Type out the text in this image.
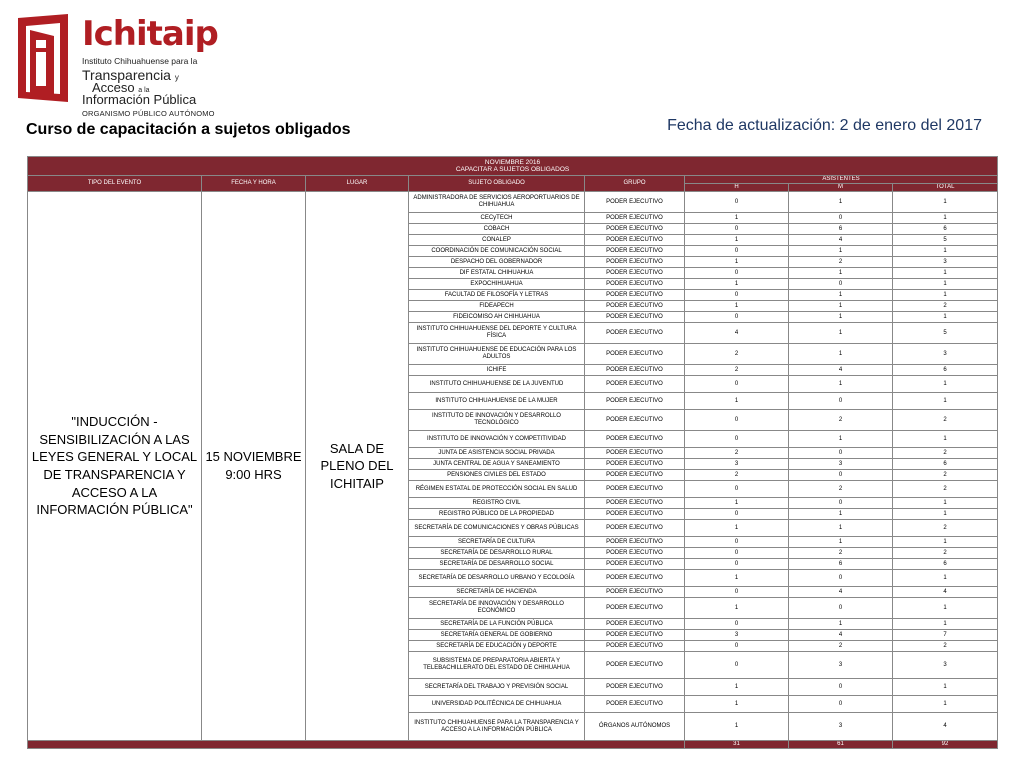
Ichitaip
Instituto Chihuahuense para la
Transparencia y
Acceso a la
Información Pública
ORGANISMO PÚBLICO AUTÓNOMO
Curso de capacitación a sujetos obligados	Fecha de actualización: 2 de enero del 2017
NOVIEMBRE 2016
CAPACITAR A SUJETOS OBLIGADOS							

TIPO DEL EVENTO	FECHA Y HORA	LUGAR	SUJETO OBLIGADO	GRUPO	ASISTENTES		
					H	M	TOTAL
"INDUCCIÓN - SENSIBILIZACIÓN A LAS LEYES GENERAL Y LOCAL DE TRANSPARENCIA Y ACCESO A LA INFORMACIÓN PÚBLICA"	15 NOVIEMBRE 9:00 HRS	SALA DE PLENO DEL ICHITAIP	ADMINISTRADORA DE SERVICIOS AEROPORTUARIOS DE CHIHUAHUA	PODER EJECUTIVO	0	1	1
			CECyTECH	PODER EJECUTIVO	1	0	1
			COBACH	PODER EJECUTIVO	0	6	6
			CONALEP	PODER EJECUTIVO	1	4	5
			COORDINACIÓN DE COMUNICACIÓN SOCIAL	PODER EJECUTIVO	0	1	1
			DESPACHO DEL GOBERNADOR	PODER EJECUTIVO	1	2	3
			DIF ESTATAL CHIHUAHUA	PODER EJECUTIVO	0	1	1
			EXPOCHIHUAHUA	PODER EJECUTIVO	1	0	1
			FACULTAD DE FILOSOFÍA Y LETRAS	PODER EJECUTIVO	0	1	1
			FIDEAPECH	PODER EJECUTIVO	1	1	2
			FIDEICOMISO AH CHIHUAHUA	PODER EJECUTIVO	0	1	1
			INSTITUTO CHIHUAHUENSE DEL DEPORTE Y CULTURA FÍSICA	PODER EJECUTIVO	4	1	5
			INSTITUTO CHIHUAHUENSE DE EDUCACIÓN PARA LOS ADULTOS	PODER EJECUTIVO	2	1	3
			ICHIFE	PODER EJECUTIVO	2	4	6
			INSTITUTO CHIHUAHUENSE DE LA JUVENTUD	PODER EJECUTIVO	0	1	1
			INSTITUTO CHIHUAHUENSE DE LA MUJER	PODER EJECUTIVO	1	0	1
			INSTITUTO DE INNOVACIÓN Y DESARROLLO TECNOLÓGICO	PODER EJECUTIVO	0	2	2
			INSTITUTO DE INNOVACIÓN Y COMPETITIVIDAD	PODER EJECUTIVO	0	1	1
			JUNTA DE ASISTENCIA SOCIAL PRIVADA	PODER EJECUTIVO	2	0	2
			JUNTA CENTRAL DE AGUA Y SANEAMIENTO	PODER EJECUTIVO	3	3	6
			PENSIONES CIVILES DEL ESTADO	PODER EJECUTIVO	2	0	2
			RÉGIMEN ESTATAL DE PROTECCIÓN SOCIAL EN SALUD	PODER EJECUTIVO	0	2	2
			REGISTRO CIVIL	PODER EJECUTIVO	1	0	1
			REGISTRO PÚBLICO DE LA PROPIEDAD	PODER EJECUTIVO	0	1	1
			SECRETARÍA DE COMUNICACIONES Y OBRAS PÚBLICAS	PODER EJECUTIVO	1	1	2
			SECRETARÍA DE CULTURA	PODER EJECUTIVO	0	1	1
			SECRETARÍA DE DESARROLLO RURAL	PODER EJECUTIVO	0	2	2
			SECRETARÍA DE DESARROLLO SOCIAL	PODER EJECUTIVO	0	6	6
			SECRETARÍA DE DESARROLLO URBANO Y ECOLOGÍA	PODER EJECUTIVO	1	0	1
			SECRETARÍA DE HACIENDA	PODER EJECUTIVO	0	4	4
			SECRETARÍA DE INNOVACIÓN Y DESARROLLO ECONÓMICO	PODER EJECUTIVO	1	0	1
			SECRETARÍA DE LA FUNCIÓN PÚBLICA	PODER EJECUTIVO	0	1	1
			SECRETARÍA GENERAL DE GOBIERNO	PODER EJECUTIVO	3	4	7
			SECRETARÍA DE EDUCACIÓN y DEPORTE	PODER EJECUTIVO	0	2	2
			SUBSISTEMA DE PREPARATORIA ABIERTA Y TELEBACHILLERATO DEL ESTADO DE CHIHUAHUA	PODER EJECUTIVO	0	3	3
			SECRETARÍA DEL TRABAJO Y PREVISIÓN SOCIAL	PODER EJECUTIVO	1	0	1
			UNIVERSIDAD POLITÉCNICA DE CHIHUAHUA	PODER EJECUTIVO	1	0	1
			INSTITUTO CHIHUAHUENSE PARA LA TRANSPARENCIA Y ACCESO A LA INFORMACIÓN PÚBLICA	ÓRGANOS AUTÓNOMOS	1	3	4
					31	61	92
